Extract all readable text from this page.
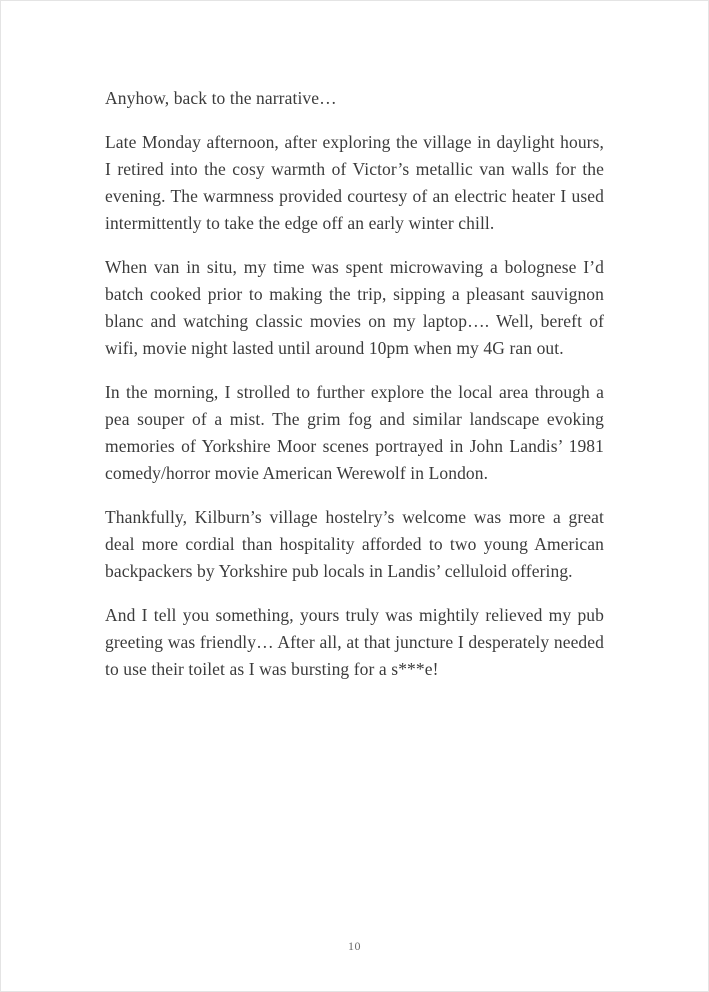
Anyhow, back to the narrative…

Late Monday afternoon, after exploring the village in daylight hours, I retired into the cosy warmth of Victor’s metallic van walls for the evening. The warmness provided courtesy of an electric heater I used intermittently to take the edge off an early winter chill.

When van in situ, my time was spent microwaving a bolognese I’d batch cooked prior to making the trip, sipping a pleasant sauvignon blanc and watching classic movies on my laptop…. Well, bereft of wifi, movie night lasted until around 10pm when my 4G ran out.

In the morning, I strolled to further explore the local area through a pea souper of a mist. The grim fog and similar landscape evoking memories of Yorkshire Moor scenes portrayed in John Landis’ 1981 comedy/horror movie American Werewolf in London.

Thankfully, Kilburn’s village hostelry’s welcome was more a great deal more cordial than hospitality afforded to two young American backpackers by Yorkshire pub locals in Landis’ celluloid offering.

And I tell you something, yours truly was mightily relieved my pub greeting was friendly… After all, at that juncture I desperately needed to use their toilet as I was bursting for a s***e!

10
